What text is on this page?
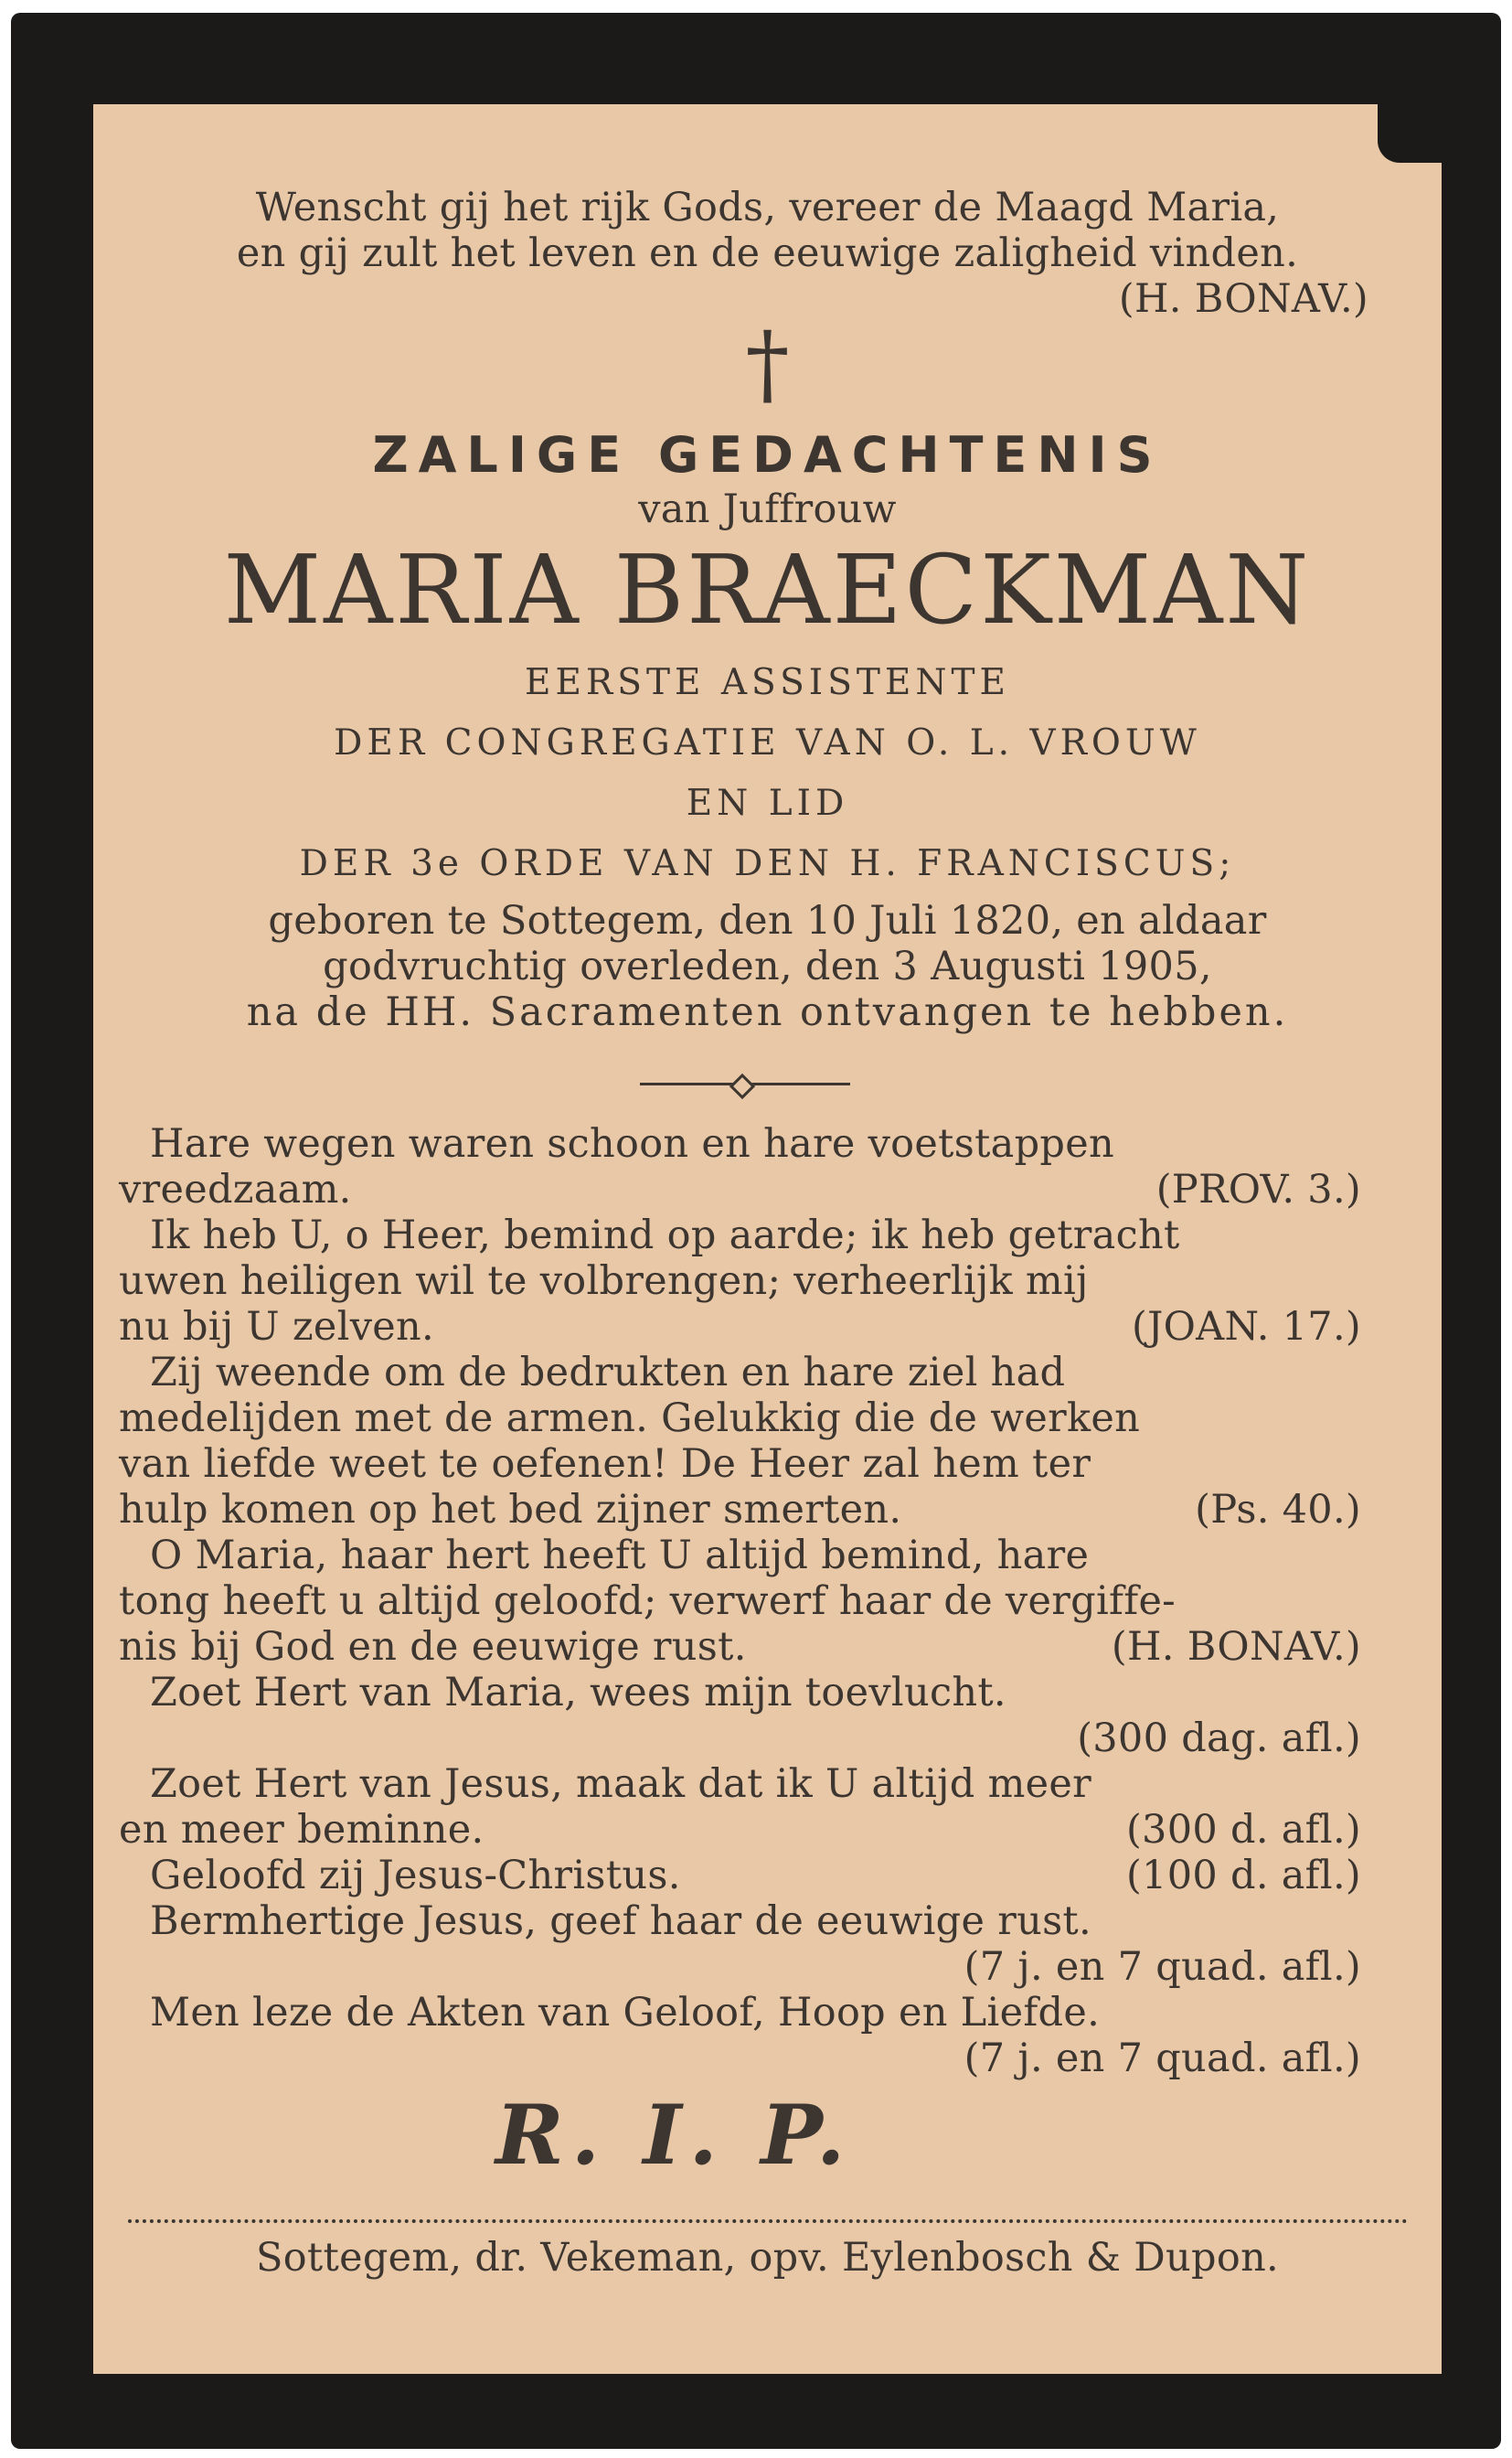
Wenscht gij het rijk Gods, vereer de Maagd Maria,
en gij zult het leven en de eeuwige zaligheid vinden.
(H. BONAV.)
†
ZALIGE GEDACHTENIS
van Juffrouw
MARIA BRAECKMAN
EERSTE ASSISTENTE
DER CONGREGATIE VAN O. L. VROUW
EN LID
DER 3e ORDE VAN DEN H. FRANCISCUS;
geboren te Sottegem, den 10 Juli 1820, en aldaar
godvruchtig overleden, den 3 Augusti 1905,
na de HH. Sacramenten ontvangen te hebben.
Hare wegen waren schoon en hare voetstappen
vreedzaam.	(PROV. 3.)
Ik heb U, o Heer, bemind op aarde; ik heb getracht
uwen heiligen wil te volbrengen; verheerlijk mij
nu bij U zelven.	(JOAN. 17.)
Zij weende om de bedrukten en hare ziel had
medelijden met de armen. Gelukkig die de werken
van liefde weet te oefenen! De Heer zal hem ter
hulp komen op het bed zijner smerten.	(Ps. 40.)
O Maria, haar hert heeft U altijd bemind, hare
tong heeft u altijd geloofd; verwerf haar de vergiffe-
nis bij God en de eeuwige rust.	(H. BONAV.)
Zoet Hert van Maria, wees mijn toevlucht.
(300 dag. afl.)
Zoet Hert van Jesus, maak dat ik U altijd meer
en meer beminne.	(300 d. afl.)
Geloofd zij Jesus-Christus.	(100 d. afl.)
Bermhertige Jesus, geef haar de eeuwige rust.
(7 j. en 7 quad. afl.)
Men leze de Akten van Geloof, Hoop en Liefde.
(7 j. en 7 quad. afl.)
R. I. P.
Sottegem, dr. Vekeman, opv. Eylenbosch & Dupon.
